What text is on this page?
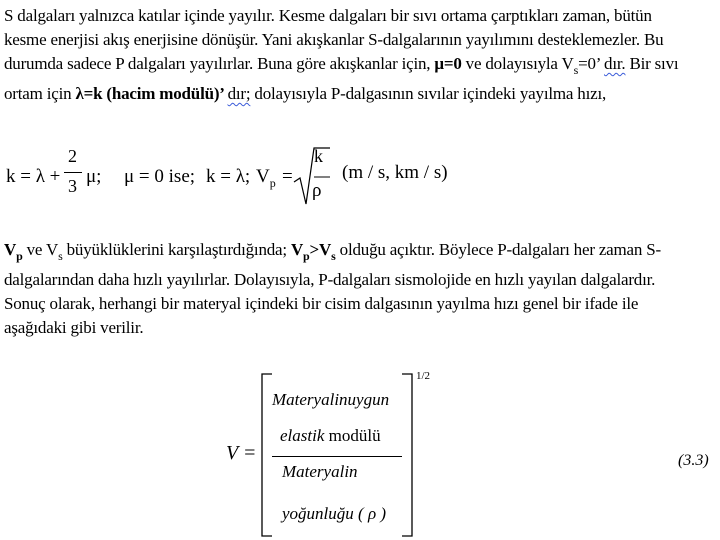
S dalgaları yalnızca katılar içinde yayılır. Kesme dalgaları bir sıvı ortama çarptıkları zaman, bütün
kesme enerjisi akış enerjisine dönüşür. Yani akışkanlar S-dalgalarının yayılımını desteklemezler. Bu
durumda sadece P dalgaları yayılırlar. Buna göre akışkanlar için, μ=0 ve dolayısıyla $V_s=0$’ dır. Bir sıvı
ortam için λ=k (hacim modülü)’ dır; dolayısıyla P-dalgasının sıvılar içindeki yayılma hızı,
k = λ +
2
3 μ; μ = 0 ise; k = λ; $V_p$ =
k
ρ
(m / s, km / s)
$V_p$ ve $V_s$ büyüklüklerini karşılaştırdığında; $V_p>V_s$ olduğu açıktır. Böylece P-dalgaları her zaman S-
dalgalarından daha hızlı yayılırlar. Dolayısıyla, P-dalgaları sismolojide en hızlı yayılan dalgalardır.
Sonuç olarak, herhangi bir materyal içindeki bir cisim dalgasının yayılma hızı genel bir ifade ile
aşağıdaki gibi verilir.
V =
1/2
Materyalinuygun
elastik modülü
Materyalin
yoğunluğu ( ρ )
(3.3)
